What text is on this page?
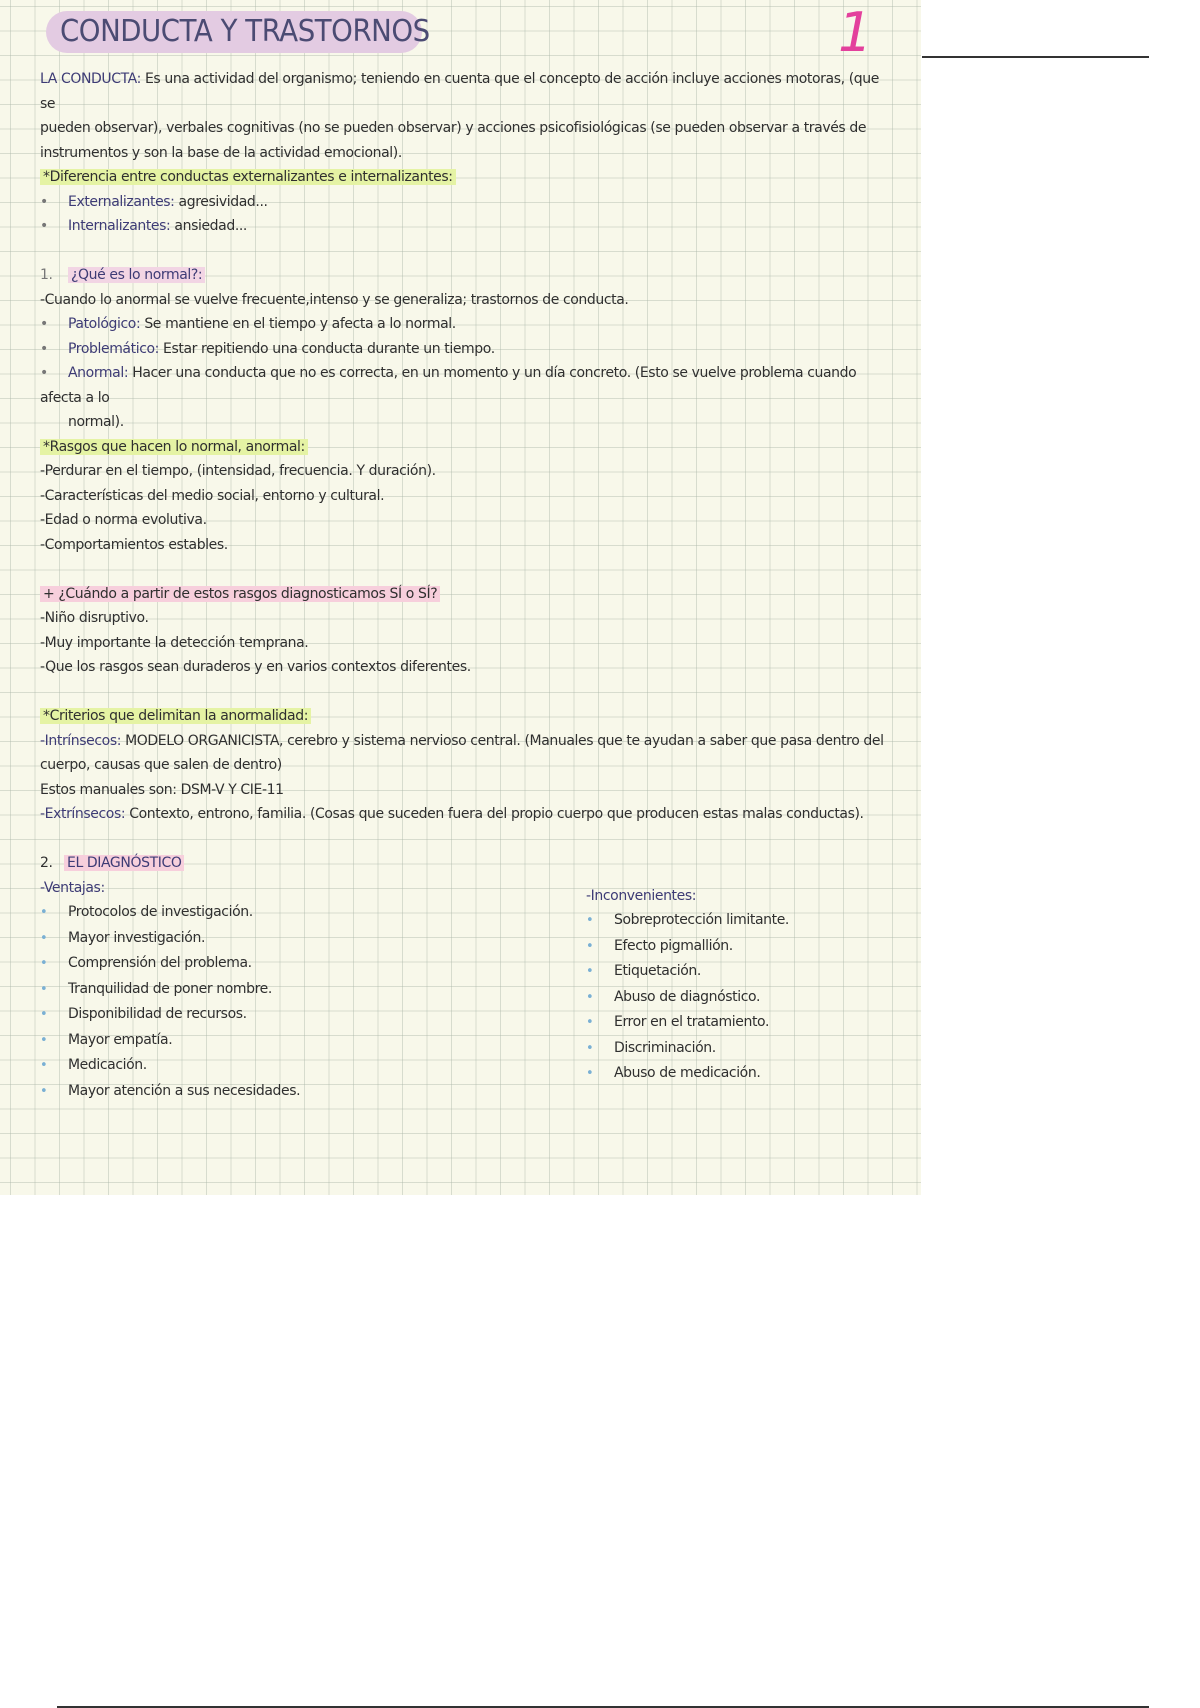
CONDUCTA Y TRASTORNOS	1

LA CONDUCTA: Es una actividad del organismo; teniendo en cuenta que el concepto de acción incluye acciones motoras, (que se

pueden observar), verbales cognitivas (no se pueden observar) y acciones psicofisiológicas (se pueden observar a través de

instrumentos y son la base de la actividad emocional).

*Diferencia entre conductas externalizantes e internalizantes:

• Externalizantes: agresividad...

• Internalizantes: ansiedad...

1. ¿Qué es lo normal?:

-Cuando lo anormal se vuelve frecuente,intenso y se generaliza; trastornos de conducta.

• Patológico: Se mantiene en el tiempo y afecta a lo normal.

• Problemático: Estar repitiendo una conducta durante un tiempo.

• Anormal: Hacer una conducta que no es correcta, en un momento y un día concreto. (Esto se vuelve problema cuando afecta a lo

normal).

*Rasgos que hacen lo normal, anormal:

-Perdurar en el tiempo, (intensidad, frecuencia. Y duración).

-Características del medio social, entorno y cultural.

-Edad o norma evolutiva.

-Comportamientos estables.

+ ¿Cuándo a partir de estos rasgos diagnosticamos SÍ o SÍ?

-Niño disruptivo.

-Muy importante la detección temprana.

-Que los rasgos sean duraderos y en varios contextos diferentes.

*Criterios que delimitan la anormalidad:

-Intrínsecos: MODELO ORGANICISTA, cerebro y sistema nervioso central. (Manuales que te ayudan a saber que pasa dentro del

cuerpo, causas que salen de dentro)

Estos manuales son: DSM-V Y CIE-11

-Extrínsecos: Contexto, entrono, familia. (Cosas que suceden fuera del propio cuerpo que producen estas malas conductas).

2. EL DIAGNÓSTICO

-Ventajas:

• Protocolos de investigación.

• Mayor investigación.

• Comprensión del problema.

• Tranquilidad de poner nombre.

• Disponibilidad de recursos.

• Mayor empatía.

• Medicación.

• Mayor atención a sus necesidades.

-Inconvenientes:

• Sobreprotección limitante.

• Efecto pigmallión.

• Etiquetación.

• Abuso de diagnóstico.

• Error en el tratamiento.

• Discriminación.

• Abuso de medicación.
